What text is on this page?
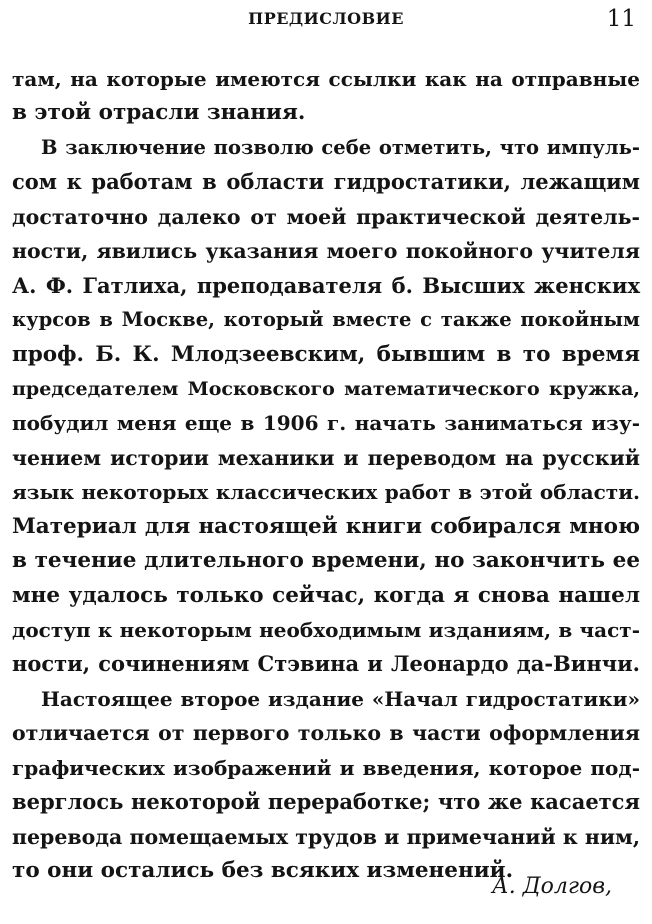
ПРЕДИСЛОВИЕ	11
там, на которые имеются ссылки как на отправные
в этой отрасли знания.
В заключение позволю себе отметить, что импуль-
сом к работам в области гидростатики, лежащим
достаточно далеко от моей практической деятель-
ности, явились указания моего покойного учителя
А. Ф. Гатлиха, преподавателя б. Высших женских
курсов в Москве, который вместе с также покойным
проф. Б. К. Млодзеевским, бывшим в то время
председателем Московского математического кружка,
побудил меня еще в 1906 г. начать заниматься изу-
чением истории механики и переводом на русский
язык некоторых классических работ в этой области.
Материал для настоящей книги собирался мною
в течение длительного времени, но закончить ее
мне удалось только сейчас, когда я снова нашел
доступ к некоторым необходимым изданиям, в част-
ности, сочинениям Стэвина и Леонардо да-Винчи.
Настоящее второе издание «Начал гидростатики»
отличается от первого только в части оформления
графических изображений и введения, которое под-
верглось некоторой переработке; что же касается
перевода помещаемых трудов и примечаний к ним,
то они остались без всяких изменений.
А. Долгов,
